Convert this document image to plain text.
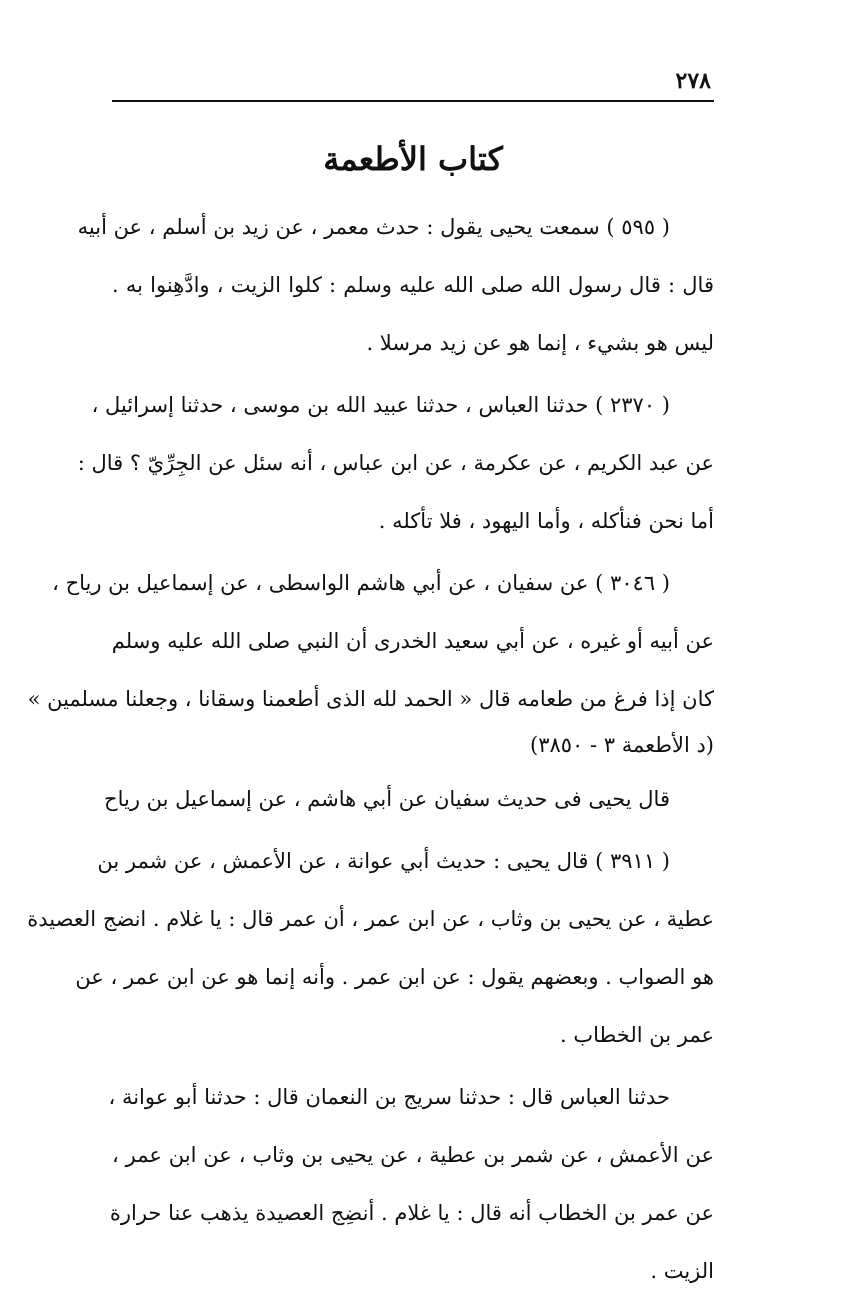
٢٧٨
كتاب الأطعمة
( ٥٩٥ ) سمعت يحيى يقول : حدث معمر ، عن زيد بن أسلم ، عن أبيه
قال : قال رسول الله صلى الله عليه وسلم : كلوا الزيت ، وادَّهِنوا به .
ليس هو بشيء ، إنما هو عن زيد مرسلا .
( ٢٣٧٠ ) حدثنا العباس ، حدثنا عبيد الله بن موسى ، حدثنا إسرائيل ،
عن عبد الكريم ، عن عكرمة ، عن ابن عباس ، أنه سئل عن الجِرِّيّ ؟ قال :
أما نحن فنأكله ، وأما اليهود ، فلا تأكله .
( ٣٠٤٦ ) عن سفيان ، عن أبي هاشم الواسطى ، عن إسماعيل بن رياح ،
عن أبيه أو غيره ، عن أبي سعيد الخدرى أن النبي صلى الله عليه وسلم
كان إذا فرغ من طعامه قال « الحمد لله الذى أطعمنا وسقانا ، وجعلنا مسلمين »
(د الأطعمة ٣ - ٣٨٥٠)
قال يحيى فى حديث سفيان عن أبي هاشم ، عن إسماعيل بن رياح
( ٣٩١١ ) قال يحيى : حديث أبي عوانة ، عن الأعمش ، عن شمر بن
عطية ، عن يحيى بن وثاب ، عن ابن عمر ، أن عمر قال : يا غلام . انضج العصيدة
هو الصواب . وبعضهم يقول : عن ابن عمر . وأنه إنما هو عن ابن عمر ، عن
عمر بن الخطاب .
حدثنا العباس قال : حدثنا سريج بن النعمان قال : حدثنا أبو عوانة ،
عن الأعمش ، عن شمر بن عطية ، عن يحيى بن وثاب ، عن ابن عمر ،
عن عمر بن الخطاب أنه قال : يا غلام . أنضِج العصيدة يذهب عنا حرارة
الزيت .
